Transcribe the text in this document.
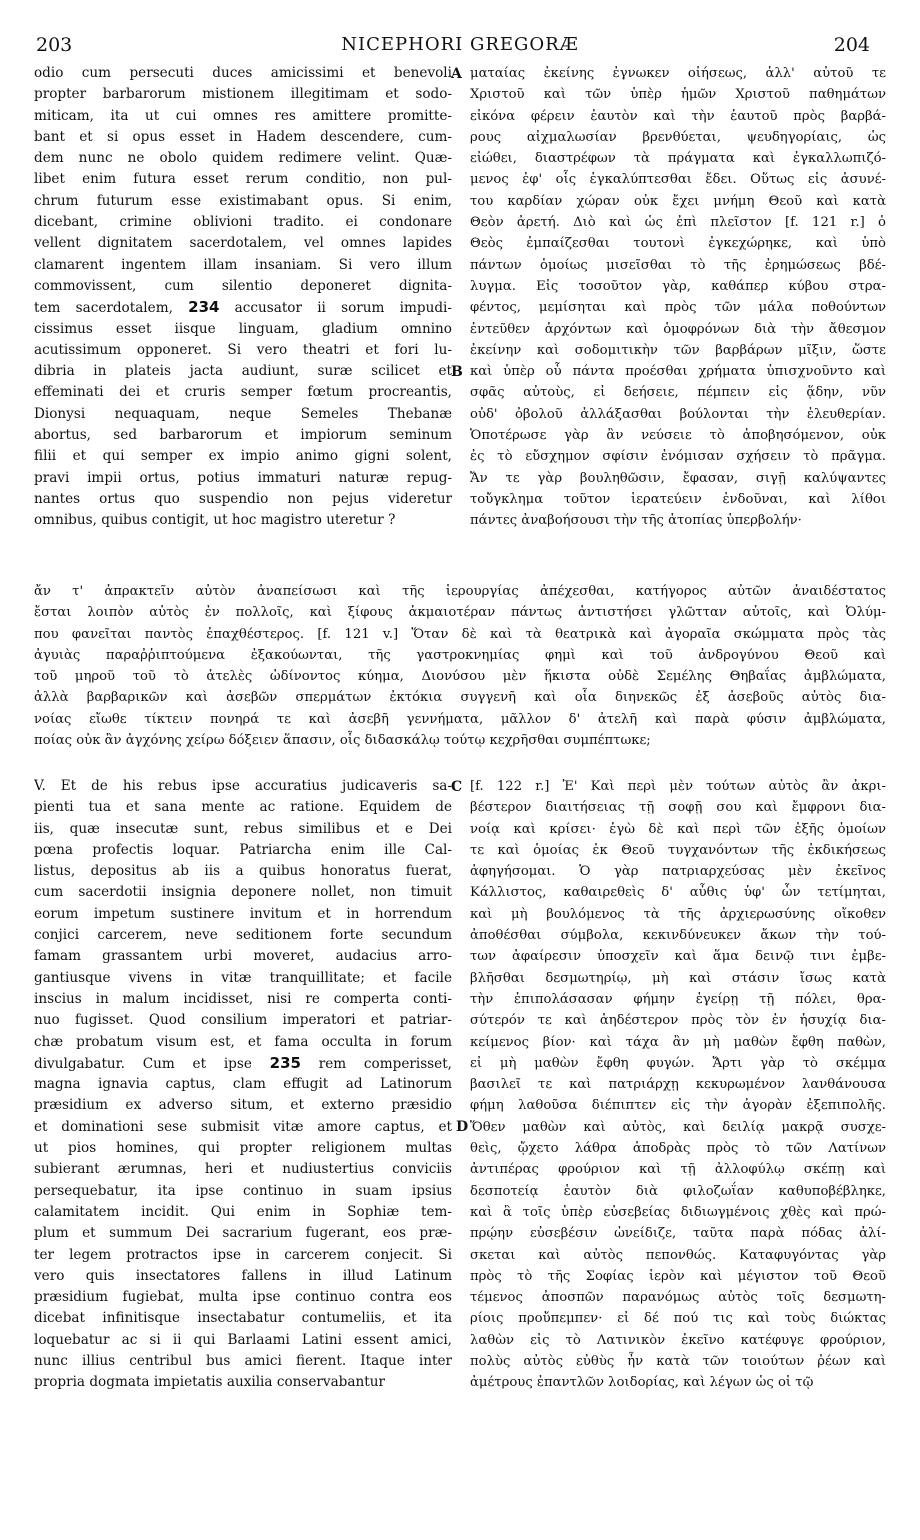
203	NICEPHORI GREGORÆ	204
A
B
C
D
odio cum persecuti duces amicissimi et benevoli
propter barbarorum mistionem illegitimam et sodo-
miticam, ita ut cui omnes res amittere promitte-
bant et si opus esset in Hadem descendere, cum-
dem nunc ne obolo quidem redimere velint. Quæ-
libet enim futura esset rerum conditio, non pul-
chrum futurum esse existimabant opus. Si enim,
dicebant, crimine oblivioni tradito. ei condonare
vellent dignitatem sacerdotalem, vel omnes lapides
clamarent ingentem illam insaniam. Si vero illum
commovissent, cum silentio deponeret dignita-
tem sacerdotalem, 234 accusator ii sorum impudi-
cissimus esset iisque linguam, gladium omnino
acutissimum opponeret. Si vero theatri et fori lu-
dibria in plateis jacta audiunt, suræ scilicet et
effeminati dei et cruris semper fœtum procreantis,
Dionysi nequaquam, neque Semeles Thebanæ
abortus, sed barbarorum et impiorum seminum
filii et qui semper ex impio animo gigni solent,
pravi impii ortus, potius immaturi naturæ repug-
nantes ortus quo suspendio non pejus videretur
omnibus, quibus contigit, ut hoc magistro uteretur ?
ματαίας ἐκείνης ἐγνωκεν οἰήσεως, ἀλλ' αὐτοῦ τε
Χριστοῦ καὶ τῶν ὑπὲρ ἡμῶν Χριστοῦ παθημάτων
εἰκόνα φέρειν ἑαυτὸν καὶ τὴν ἑαυτοῦ πρὸς βαρβά-
ρους αἰχμαλωσίαν βρενθύεται, ψευδηγορίαις, ὡς
εἰώθει, διαστρέφων τὰ πράγματα καὶ ἐγκαλλωπιζό-
μενος ἐφ' οἷς ἐγκαλύπτεσθαι ἔδει. Οὕτως εἰς ἀσυνέ-
του καρδίαν χώραν οὐκ ἔχει μνήμη Θεοῦ καὶ κατὰ
Θεὸν ἀρετή. Διὸ καὶ ὡς ἐπὶ πλεῖστον [f. 121 r.] ὁ
Θεὸς ἐμπαίζεσθαι τουτονὶ ἐγκεχώρηκε, καὶ ὑπὸ
πάντων ὁμοίως μισεῖσθαι τὸ τῆς ἐρημώσεως βδέ-
λυγμα. Εἰς τοσοῦτον γὰρ, καθάπερ κύβου στρα-
φέντος, μεμίσηται καὶ πρὸς τῶν μάλα ποθούντων
ἐντεῦθεν ἀρχόντων καὶ ὁμοφρόνων διὰ τὴν ἄθεσμον
ἐκείνην καὶ σοδομιτικὴν τῶν βαρβάρων μῖξιν, ὥστε
καὶ ὑπὲρ οὗ πάντα προέσθαι χρήματα ὑπισχνοῦντο καὶ
σφᾶς αὐτοὺς, εἰ δεήσειε, πέμπειν εἰς ᾅδην, νῦν
οὐδ' ὀβολοῦ ἀλλάξασθαι βούλονται τὴν ἐλευθερίαν.
Ὁποτέρωσε γὰρ ἂν νεύσειε τὸ ἀποβησόμενον, οὐκ
ἐς τὸ εὔσχημον σφίσιν ἐνόμισαν σχήσειν τὸ πρᾶγμα.
Ἄν τε γὰρ βουληθῶσιν, ἔφασαν, σιγῇ καλύψαντες
τοὔγκλημα τοῦτον ἱερατεύειν ἐνδοῦναι, καὶ λίθοι
πάντες ἀναβοήσουσι τὴν τῆς ἀτοπίας ὑπερβολήν·
ἄν τ' ἀπρακτεῖν αὐτὸν ἀναπείσωσι καὶ τῆς ἱερουργίας ἀπέχεσθαι, κατήγορος αὐτῶν ἀναιδέστατος
ἔσται λοιπὸν αὐτὸς ἐν πολλοῖς, καὶ ξίφους ἀκμαιοτέραν πάντως ἀντιστήσει γλῶτταν αὐτοῖς, καὶ Ὀλύμ-
που φανεῖται παντὸς ἐπαχθέστερος. [f. 121 v.] Ὅταν δὲ καὶ τὰ θεατρικὰ καὶ ἀγοραῖα σκώμματα πρὸς τὰς
ἀγυιὰς παραῤῥιπτούμενα ἐξακούωνται, τῆς γαστροκνημίας φημὶ καὶ τοῦ ἀνδρογύνου Θεοῦ καὶ
τοῦ μηροῦ τοῦ τὸ ἀτελὲς ὠδίνοντος κύημα, Διονύσου μὲν ἥκιστα οὐδὲ Σεμέλης Θηβαΐας ἀμβλώματα,
ἀλλὰ βαρβαρικῶν καὶ ἀσεβῶν σπερμάτων ἐκτόκια συγγενῆ καὶ οἷα διηνεκῶς ἐξ ἀσεβοῦς αὐτὸς δια-
νοίας εἴωθε τίκτειν πονηρά τε καὶ ἀσεβῆ γεννήματα, μᾶλλον δ' ἀτελῆ καὶ παρὰ φύσιν ἀμβλώματα,
ποίας οὐκ ἂν ἀγχόνης χείρω δόξειεν ἅπασιν, οἷς διδασκάλῳ τούτῳ κεχρῆσθαι συμπέπτωκε;
V. Et de his rebus ipse accuratius judicaveris sa-
pienti tua et sana mente ac ratione. Equidem de
iis, quæ insecutæ sunt, rebus similibus et e Dei
pœna profectis loquar. Patriarcha enim ille Cal-
listus, depositus ab iis a quibus honoratus fuerat,
cum sacerdotii insignia deponere nollet, non timuit
eorum impetum sustinere invitum et in horrendum
conjici carcerem, neve seditionem forte secundum
famam grassantem urbi moveret, audacius arro-
gantiusque vivens in vitæ tranquillitate; et facile
inscius in malum incidisset, nisi re comperta conti-
nuo fugisset. Quod consilium imperatori et patriar-
chæ probatum visum est, et fama occulta in forum
divulgabatur. Cum et ipse 235 rem comperisset,
magna ignavia captus, clam effugit ad Latinorum
præsidium ex adverso situm, et externo præsidio
et dominationi sese submisit vitæ amore captus, et
ut pios homines, qui propter religionem multas
subierant ærumnas, heri et nudiustertius conviciis
persequebatur, ita ipse continuo in suam ipsius
calamitatem incidit. Qui enim in Sophiæ tem-
plum et summum Dei sacrarium fugerant, eos præ-
ter legem protractos ipse in carcerem conjecit. Si
vero quis insectatores fallens in illud Latinum
præsidium fugiebat, multa ipse continuo contra eos
dicebat infinitisque insectabatur contumeliis, et ita
loquebatur ac si ii qui Barlaami Latini essent amici,
nunc illius centribul bus amici fierent. Itaque inter
propria dogmata impietatis auxilia conservabantur
[f. 122 r.] Ἐ' Καὶ περὶ μὲν τούτων αὐτὸς ἂν ἀκρι-
βέστερον διαιτήσειας τῇ σοφῇ σου καὶ ἔμφρονι δια-
νοίᾳ καὶ κρίσει· ἐγὼ δὲ καὶ περὶ τῶν ἑξῆς ὁμοίων
τε καὶ ὁμοίας ἐκ Θεοῦ τυγχανόντων τῆς ἐκδικήσεως
ἀφηγήσομαι. Ὁ γὰρ πατριαρχεύσας μὲν ἐκεῖνος
Κάλλιστος, καθαιρεθεὶς δ' αὖθις ὑφ' ὧν τετίμηται,
καὶ μὴ βουλόμενος τὰ τῆς ἀρχιερωσύνης οἴκοθεν
ἀποθέσθαι σύμβολα, κεκινδύνευκεν ἄκων τὴν τού-
των ἀφαίρεσιν ὑποσχεῖν καὶ ἅμα δεινῷ τινι ἐμβε-
βλῆσθαι δεσμωτηρίῳ, μὴ καὶ στάσιν ἴσως κατὰ
τὴν ἐπιπολάσασαν φήμην ἐγείρῃ τῇ πόλει, θρα-
σύτερόν τε καὶ ἀηδέστερον πρὸς τὸν ἐν ἡσυχίᾳ δια-
κείμενος βίον· καὶ τάχα ἂν μὴ μαθὼν ἔφθη παθὼν,
εἰ μὴ μαθὼν ἔφθη φυγών. Ἄρτι γὰρ τὸ σκέμμα
βασιλεῖ τε καὶ πατριάρχῃ κεκυρωμένον λανθάνουσα
φήμη λαθοῦσα διέπιπτεν εἰς τὴν ἀγορὰν ἐξεπιπολῆς.
Ὅθεν μαθὼν καὶ αὐτὸς, καὶ δειλίᾳ μακρᾷ συσχε-
θεὶς, ᾤχετο λάθρα ἀποδρὰς πρὸς τὸ τῶν Λατίνων
ἀντιπέρας φρούριον καὶ τῇ ἀλλοφύλῳ σκέπῃ καὶ
δεσποτείᾳ ἑαυτὸν διὰ φιλοζωΐαν καθυποβέβληκε,
καὶ ἃ τοῖς ὑπὲρ εὐσεβείας διδιωγμένοις χθὲς καὶ πρώ-
πρῴην εὐσεβέσιν ὠνείδιζε, ταῦτα παρὰ πόδας ἀλί-
σκεται καὶ αὐτὸς πεπονθώς. Καταφυγόντας γὰρ
πρὸς τὸ τῆς Σοφίας ἱερὸν καὶ μέγιστον τοῦ Θεοῦ
τέμενος ἀποσπῶν παρανόμως αὐτὸς τοῖς δεσμωτη-
ρίοις προὔπεμπεν· εἰ δέ πού τις καὶ τοὺς διώκτας
λαθὼν εἰς τὸ Λατινικὸν ἐκεῖνο κατέφυγε φρούριον,
πολὺς αὐτὸς εὐθὺς ἦν κατὰ τῶν τοιούτων ῥέων καὶ
ἀμέτρους ἐπαντλῶν λοιδορίας, καὶ λέγων ὡς οἱ τῷ
